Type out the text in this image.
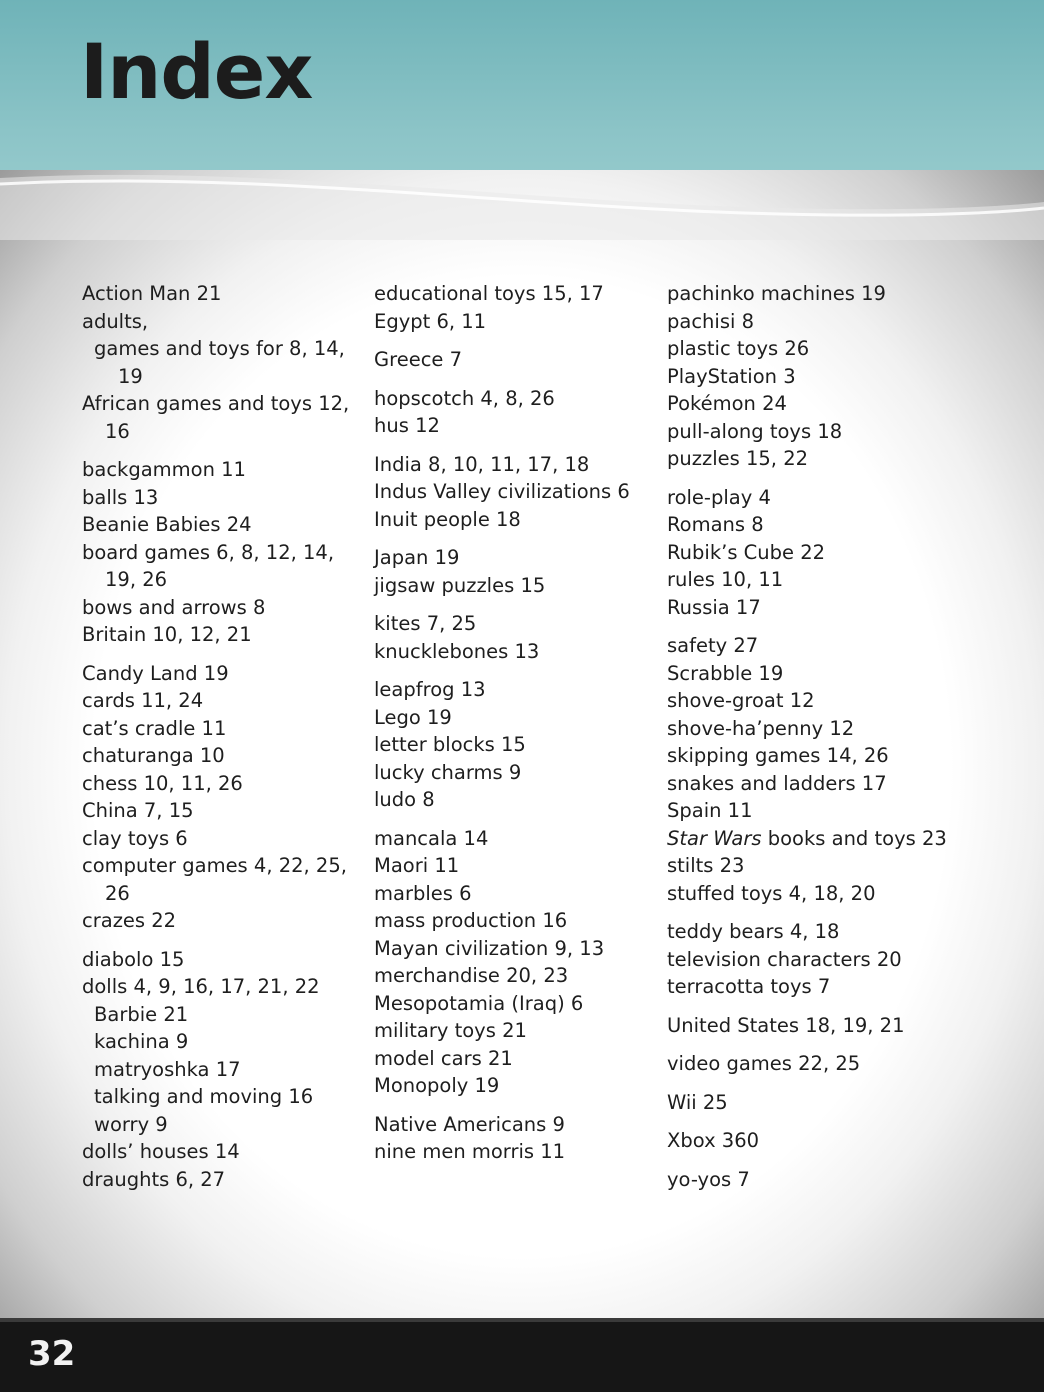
Index
Action Man 21
adults,
games and toys for 8, 14, 19
African games and toys 12, 16
backgammon 11
balls 13
Beanie Babies 24
board games 6, 8, 12, 14, 19, 26
bows and arrows 8
Britain 10, 12, 21
Candy Land 19
cards 11, 24
cat’s cradle 11
chaturanga 10
chess 10, 11, 26
China 7, 15
clay toys 6
computer games 4, 22, 25, 26
crazes 22
diabolo 15
dolls 4, 9, 16, 17, 21, 22
Barbie 21
kachina 9
matryoshka 17
talking and moving 16
worry 9
dolls’ houses 14
draughts 6, 27
educational toys 15, 17
Egypt 6, 11
Greece 7
hopscotch 4, 8, 26
hus 12
India 8, 10, 11, 17, 18
Indus Valley civilizations 6
Inuit people 18
Japan 19
jigsaw puzzles 15
kites 7, 25
knucklebones 13
leapfrog 13
Lego 19
letter blocks 15
lucky charms 9
ludo 8
mancala 14
Maori 11
marbles 6
mass production 16
Mayan civilization 9, 13
merchandise 20, 23
Mesopotamia (Iraq) 6
military toys 21
model cars 21
Monopoly 19
Native Americans 9
nine men morris 11
pachinko machines 19
pachisi 8
plastic toys 26
PlayStation 3
Pokémon 24
pull-along toys 18
puzzles 15, 22
role-play 4
Romans 8
Rubik’s Cube 22
rules 10, 11
Russia 17
safety 27
Scrabble 19
shove-groat 12
shove-ha’penny 12
skipping games 14, 26
snakes and ladders 17
Spain 11
Star Wars books and toys 23
stilts 23
stuffed toys 4, 18, 20
teddy bears 4, 18
television characters 20
terracotta toys 7
United States 18, 19, 21
video games 22, 25
Wii 25
Xbox 360
yo-yos 7
32
